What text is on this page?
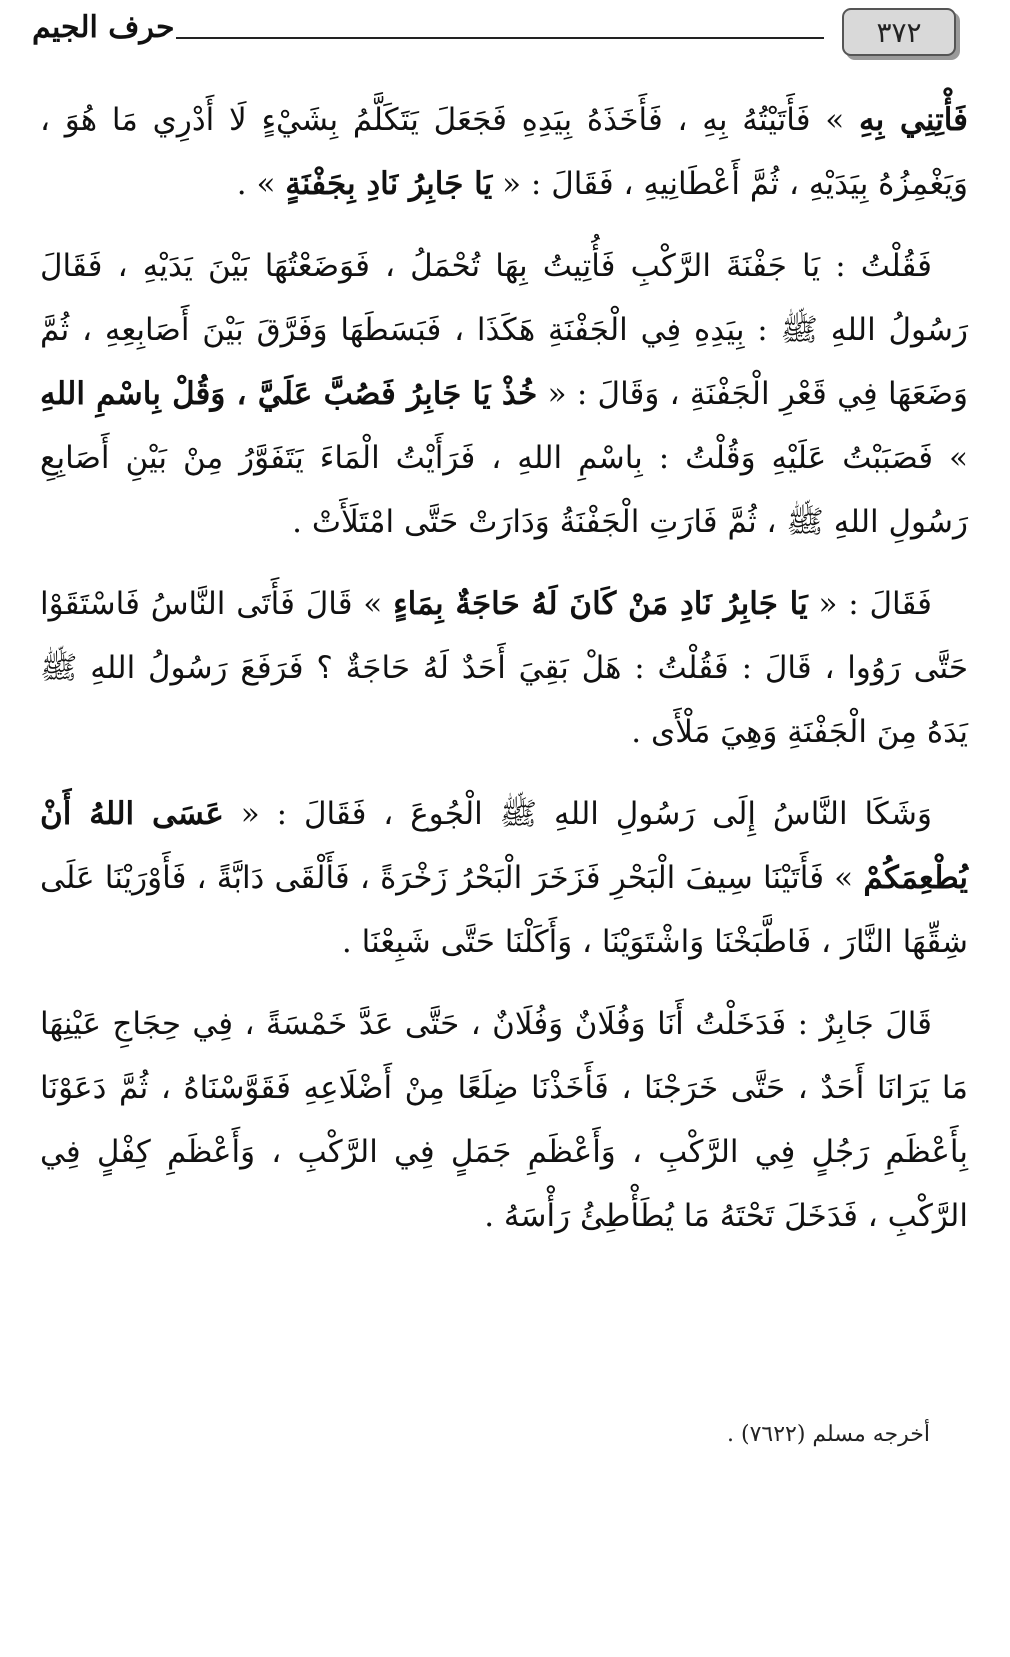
٣٧٢
حرف الجيم

فَأْتِنِي بِهِ » فَأَتَيْتُهُ بِهِ ، فَأَخَذَهُ بِيَدِهِ فَجَعَلَ يَتَكَلَّمُ بِشَيْءٍ لَا أَدْرِي مَا هُوَ ، وَيَغْمِزُهُ بِيَدَيْهِ ، ثُمَّ أَعْطَانِيهِ ، فَقَالَ : « يَا جَابِرُ نَادِ بِجَفْنَةٍ » .

فَقُلْتُ : يَا جَفْنَةَ الرَّكْبِ فَأُتِيتُ بِهَا تُحْمَلُ ، فَوَضَعْتُهَا بَيْنَ يَدَيْهِ ، فَقَالَ رَسُولُ اللهِ ﷺ : بِيَدِهِ فِي الْجَفْنَةِ هَكَذَا ، فَبَسَطَهَا وَفَرَّقَ بَيْنَ أَصَابِعِهِ ، ثُمَّ وَضَعَهَا فِي قَعْرِ الْجَفْنَةِ ، وَقَالَ : « خُذْ يَا جَابِرُ فَصُبَّ عَلَيَّ ، وَقُلْ بِاسْمِ اللهِ » فَصَبَبْتُ عَلَيْهِ وَقُلْتُ : بِاسْمِ اللهِ ، فَرَأَيْتُ الْمَاءَ يَتَفَوَّرُ مِنْ بَيْنِ أَصَابِعِ رَسُولِ اللهِ ﷺ ، ثُمَّ فَارَتِ الْجَفْنَةُ وَدَارَتْ حَتَّى امْتَلَأَتْ .

فَقَالَ : « يَا جَابِرُ نَادِ مَنْ كَانَ لَهُ حَاجَةٌ بِمَاءٍ » قَالَ فَأَتَى النَّاسُ فَاسْتَقَوْا حَتَّى رَوُوا ، قَالَ : فَقُلْتُ : هَلْ بَقِيَ أَحَدٌ لَهُ حَاجَةٌ ؟ فَرَفَعَ رَسُولُ اللهِ ﷺ يَدَهُ مِنَ الْجَفْنَةِ وَهِيَ مَلْأَى .

وَشَكَا النَّاسُ إِلَى رَسُولِ اللهِ ﷺ الْجُوعَ ، فَقَالَ : « عَسَى اللهُ أَنْ يُطْعِمَكُمْ » فَأَتَيْنَا سِيفَ الْبَحْرِ فَزَخَرَ الْبَحْرُ زَخْرَةً ، فَأَلْقَى دَابَّةً ، فَأَوْرَيْنَا عَلَى شِقِّهَا النَّارَ ، فَاطَّبَخْنَا وَاشْتَوَيْنَا ، وَأَكَلْنَا حَتَّى شَبِعْنَا .

قَالَ جَابِرٌ : فَدَخَلْتُ أَنَا وَفُلَانٌ وَفُلَانٌ ، حَتَّى عَدَّ خَمْسَةً ، فِي حِجَاجِ عَيْنِهَا مَا يَرَانَا أَحَدٌ ، حَتَّى خَرَجْنَا ، فَأَخَذْنَا ضِلَعًا مِنْ أَضْلَاعِهِ فَقَوَّسْنَاهُ ، ثُمَّ دَعَوْنَا بِأَعْظَمِ رَجُلٍ فِي الرَّكْبِ ، وَأَعْظَمِ جَمَلٍ فِي الرَّكْبِ ، وَأَعْظَمِ كِفْلٍ فِي الرَّكْبِ ، فَدَخَلَ تَحْتَهُ مَا يُطَأْطِئُ رَأْسَهُ .

أخرجه مسلم (٧٦٢٢) .
